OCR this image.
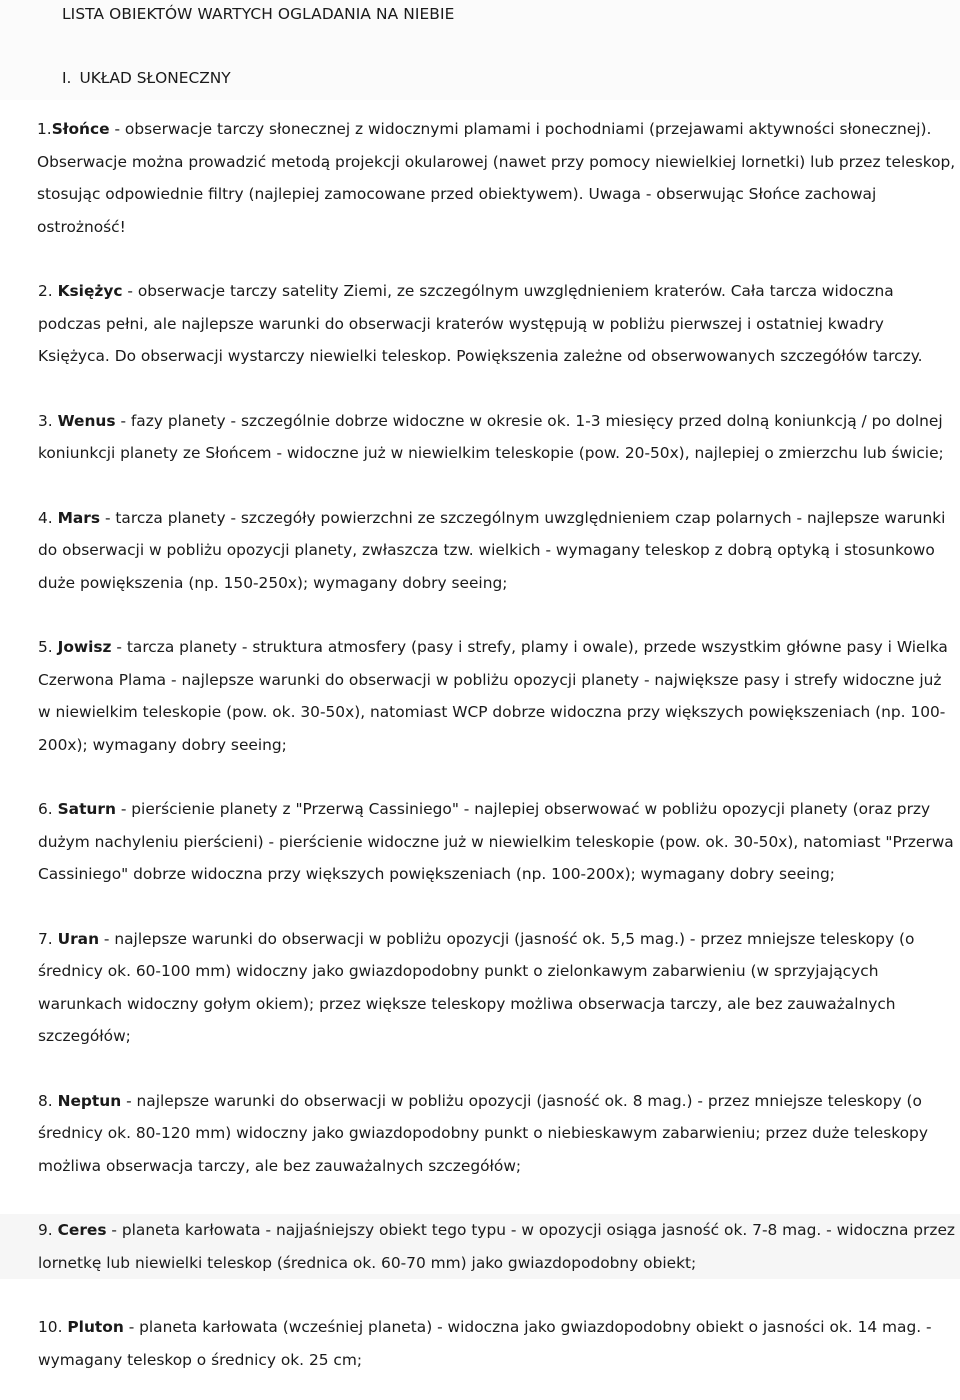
LISTA OBIEKTÓW WARTYCH OGLADANIA NA NIEBIE
I. UKŁAD SŁONECZNY

1.Słońce - obserwacje tarczy słonecznej z widocznymi plamami i pochodniami (przejawami aktywności słonecznej). Obserwacje można prowadzić metodą projekcji okularowej (nawet przy pomocy niewielkiej lornetki) lub przez teleskop, stosując odpowiednie filtry (najlepiej zamocowane przed obiektywem). Uwaga - obserwując Słońce zachowaj ostrożność!

2. Księżyc - obserwacje tarczy satelity Ziemi, ze szczególnym uwzględnieniem kraterów. Cała tarcza widoczna podczas pełni, ale najlepsze warunki do obserwacji kraterów występują w pobliżu pierwszej i ostatniej kwadry Księżyca. Do obserwacji wystarczy niewielki teleskop. Powiększenia zależne od obserwowanych szczegółów tarczy.

3. Wenus - fazy planety - szczególnie dobrze widoczne w okresie ok. 1-3 miesięcy przed dolną koniunkcją / po dolnej koniunkcji planety ze Słońcem - widoczne już w niewielkim teleskopie (pow. 20-50x), najlepiej o zmierzchu lub świcie;

4. Mars - tarcza planety - szczegóły powierzchni ze szczególnym uwzględnieniem czap polarnych - najlepsze warunki do obserwacji w pobliżu opozycji planety, zwłaszcza tzw. wielkich - wymagany teleskop z dobrą optyką i stosunkowo duże powiększenia (np. 150-250x); wymagany dobry seeing;

5. Jowisz - tarcza planety - struktura atmosfery (pasy i strefy, plamy i owale), przede wszystkim główne pasy i Wielka Czerwona Plama - najlepsze warunki do obserwacji w pobliżu opozycji planety - największe pasy i strefy widoczne już w niewielkim teleskopie (pow. ok. 30-50x), natomiast WCP dobrze widoczna przy większych powiększeniach (np. 100-200x); wymagany dobry seeing;

6. Saturn - pierścienie planety z "Przerwą Cassiniego" - najlepiej obserwować w pobliżu opozycji planety (oraz przy dużym nachyleniu pierścieni) - pierścienie widoczne już w niewielkim teleskopie (pow. ok. 30-50x), natomiast "Przerwa Cassiniego" dobrze widoczna przy większych powiększeniach (np. 100-200x); wymagany dobry seeing;

7. Uran - najlepsze warunki do obserwacji w pobliżu opozycji (jasność ok. 5,5 mag.) - przez mniejsze teleskopy (o średnicy ok. 60-100 mm) widoczny jako gwiazdopodobny punkt o zielonkawym zabarwieniu (w sprzyjających warunkach widoczny gołym okiem); przez większe teleskopy możliwa obserwacja tarczy, ale bez zauważalnych szczegółów;

8. Neptun - najlepsze warunki do obserwacji w pobliżu opozycji (jasność ok. 8 mag.) - przez mniejsze teleskopy (o średnicy ok. 80-120 mm) widoczny jako gwiazdopodobny punkt o niebieskawym zabarwieniu; przez duże teleskopy możliwa obserwacja tarczy, ale bez zauważalnych szczegółów;

9. Ceres - planeta karłowata - najjaśniejszy obiekt tego typu - w opozycji osiąga jasność ok. 7-8 mag. - widoczna przez lornetkę lub niewielki teleskop (średnica ok. 60-70 mm) jako gwiazdopodobny obiekt;

10. Pluton - planeta karłowata (wcześniej planeta) - widoczna jako gwiazdopodobny obiekt o jasności ok. 14 mag. - wymagany teleskop o średnicy ok. 25 cm;
